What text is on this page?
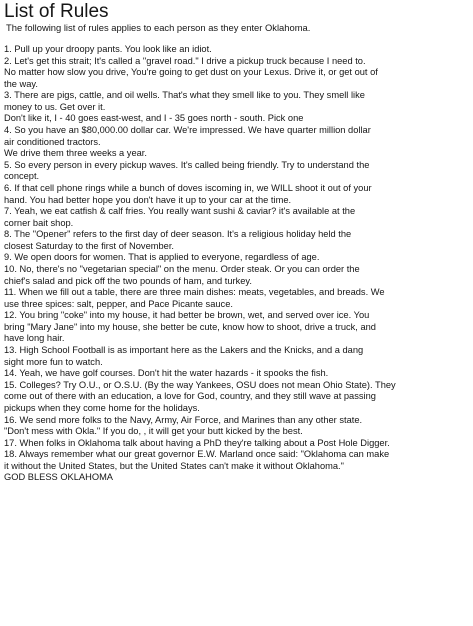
List of Rules
The following list of rules applies to each person as they enter Oklahoma.
1. Pull up your droopy pants. You look like an idiot.
2. Let's get this strait; It's called a "gravel road." I drive a pickup truck because I need to.
No matter how slow you drive, You're going to get dust on your Lexus. Drive it, or get out of
the way.
3. There are pigs, cattle, and oil wells. That's what they smell like to you. They smell like
money to us. Get over it.
Don't like it, I - 40 goes east-west, and I - 35 goes north - south. Pick one
4. So you have an $80,000.00 dollar car. We're impressed. We have quarter million dollar
air conditioned tractors.
We drive them three weeks a year.
5. So every person in every pickup waves. It's called being friendly. Try to understand the
concept.
6. If that cell phone rings while a bunch of doves iscoming in, we WILL shoot it out of your
hand. You had better hope you don't have it up to your car at the time.
7. Yeah, we eat catfish & calf fries. You really want sushi & caviar? it's available at the
corner bait shop.
8. The "Opener" refers to the first day of deer season. It's a religious holiday held the
closest Saturday to the first of November.
9. We open doors for women. That is applied to everyone, regardless of age.
10. No, there's no "vegetarian special" on the menu. Order steak. Or you can order the
chief's salad and pick off the two pounds of ham, and turkey.
11. When we fill out a table, there are three main dishes: meats, vegetables, and breads. We
use three spices: salt, pepper, and Pace Picante sauce.
12. You bring "coke" into my house, it had better be brown, wet, and served over ice. You
bring "Mary Jane" into my house, she better be cute, know how to shoot, drive a truck, and
have long hair.
13. High School Football is as important here as the Lakers and the Knicks, and a dang
sight more fun to watch.
14. Yeah, we have golf courses. Don't hit the water hazards - it spooks the fish.
15. Colleges? Try O.U., or O.S.U. (By the way Yankees, OSU does not mean Ohio State). They
come out of there with an education, a love for God, country, and they still wave at passing
pickups when they come home for the holidays.
16. We send more folks to the Navy, Army, Air Force, and Marines than any other state.
"Don't mess with Okla." If you do, , it will get your butt kicked by the best.
17. When folks in Oklahoma talk about having a PhD they're talking about a Post Hole Digger.
18. Always remember what our great governor E.W. Marland once said: "Oklahoma can make
it without the United States, but the United States can't make it without Oklahoma."
GOD BLESS OKLAHOMA
